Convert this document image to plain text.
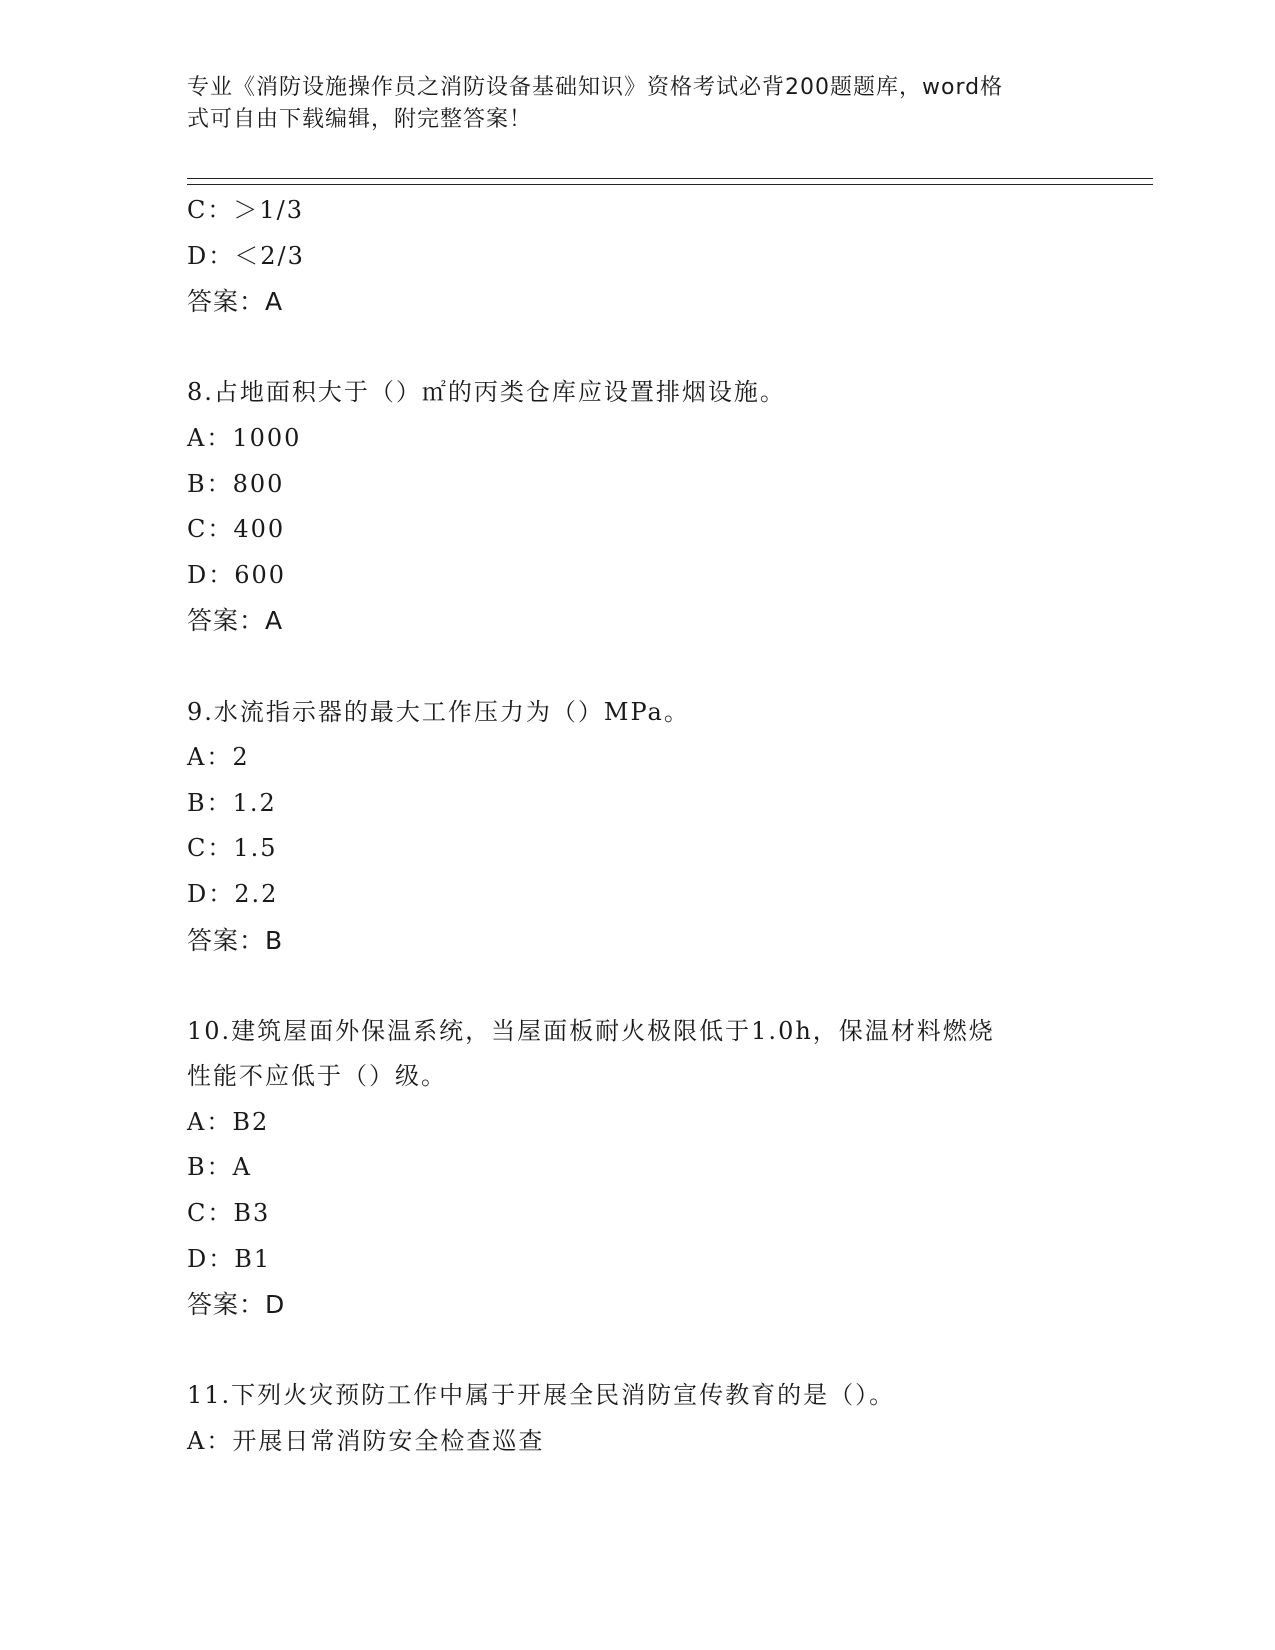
专业《消防设施操作员之消防设备基础知识》资格考试必背200题题库，word格
式可自由下载编辑，附完整答案！
C：＞1/3
D：＜2/3
答案：A
8.占地面积大于（）㎡的丙类仓库应设置排烟设施。
A：1000
B：800
C：400
D：600
答案：A
9.水流指示器的最大工作压力为（）MPa。
A：2
B：1.2
C：1.5
D：2.2
答案：B
10.建筑屋面外保温系统，当屋面板耐火极限低于1.0h，保温材料燃烧
性能不应低于（）级。
A：B2
B：A
C：B3
D：B1
答案：D
11.下列火灾预防工作中属于开展全民消防宣传教育的是（）。
A：开展日常消防安全检查巡查
